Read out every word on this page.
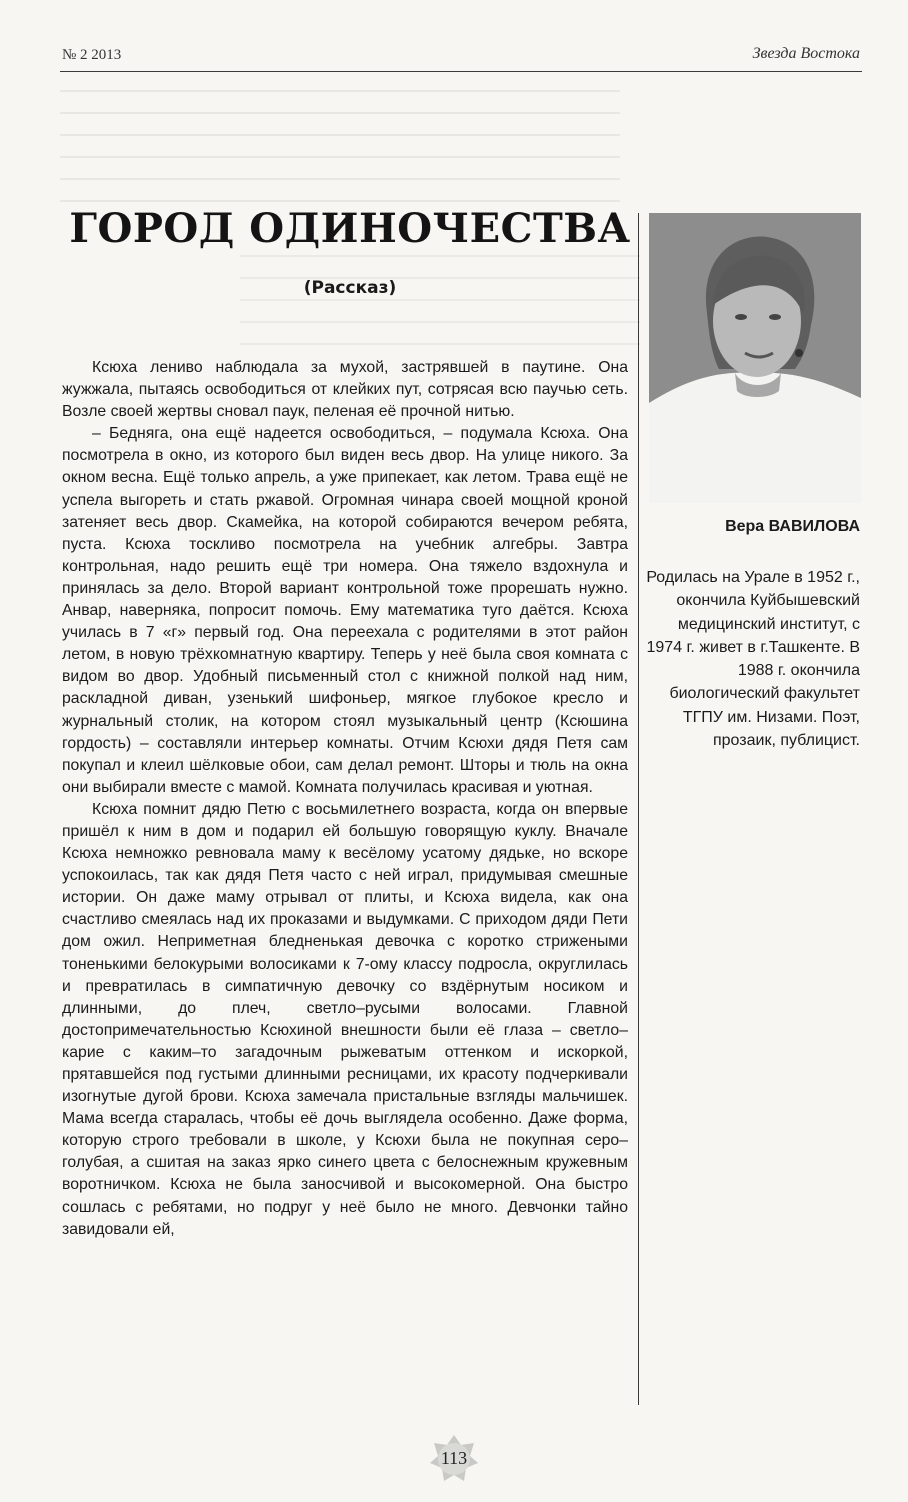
№ 2 2013	Звезда Востока
ГОРОД ОДИНОЧЕСТВА
(Рассказ)

Ксюха лениво наблюдала за мухой, застрявшей в паутине. Она жужжала, пытаясь освободиться от клейких пут, сотрясая всю паучью сеть. Возле своей жертвы сновал паук, пеленая её прочной нитью.

– Бедняга, она ещё надеется освободиться, – подумала Ксюха. Она посмотрела в окно, из которого был виден весь двор. На улице никого. За окном весна. Ещё только апрель, а уже припекает, как летом. Трава ещё не успела выгореть и стать ржавой. Огромная чинара своей мощной кроной затеняет весь двор. Скамейка, на которой собираются вечером ребята, пуста. Ксюха тоскливо посмотрела на учебник алгебры. Завтра контрольная, надо решить ещё три номера. Она тяжело вздохнула и принялась за дело. Второй вариант контрольной тоже прорешать нужно. Анвар, наверняка, попросит помочь. Ему математика туго даётся. Ксюха училась в 7 «г» первый год. Она переехала с родителями в этот район летом, в новую трёхкомнатную квартиру. Теперь у неё была своя комната с видом во двор. Удобный письменный стол с книжной полкой над ним, раскладной диван, узенький шифоньер, мягкое глубокое кресло и журнальный столик, на котором стоял музыкальный центр (Ксюшина гордость) – составляли интерьер комнаты. Отчим Ксюхи дядя Петя сам покупал и клеил шёлковые обои, сам делал ремонт. Шторы и тюль на окна они выбирали вместе с мамой. Комната получилась красивая и уютная.

Ксюха помнит дядю Петю с восьмилетнего возраста, когда он впервые пришёл к ним в дом и подарил ей большую говорящую куклу. Вначале Ксюха немножко ревновала маму к весёлому усатому дядьке, но вскоре успокоилась, так как дядя Петя часто с ней играл, придумывая смешные истории. Он даже маму отрывал от плиты, и Ксюха видела, как она счастливо смеялась над их проказами и выдумками. С приходом дяди Пети дом ожил. Неприметная бледненькая девочка с коротко стрижеными тоненькими белокурыми волосиками к 7-ому классу подросла, округлилась и превратилась в симпатичную девочку со вздёрнутым носиком и длинными, до плеч, светло–русыми волосами. Главной достопримечательностью Ксюхиной внешности были её глаза – светло–карие с каким–то загадочным рыжеватым оттенком и искоркой, прятавшейся под густыми длинными ресницами, их красоту подчеркивали изогнутые дугой брови. Ксюха замечала пристальные взгляды мальчишек. Мама всегда старалась, чтобы её дочь выглядела особенно. Даже форма, которую строго требовали в школе, у Ксюхи была не покупная серо–голубая, а сшитая на заказ ярко синего цвета с белоснежным кружевным воротничком. Ксюха не была заносчивой и высокомерной. Она быстро сошлась с ребятами, но подруг у неё было не много. Девчонки тайно завидовали ей,

Вера ВАВИЛОВА
Родилась на Урале в 1952 г., окончила Куйбышевский медицинский институт, с 1974 г. живет в г.Ташкенте. В 1988 г. окончила биологический факультет ТГПУ им. Низами. Поэт, прозаик, публицист.
113
